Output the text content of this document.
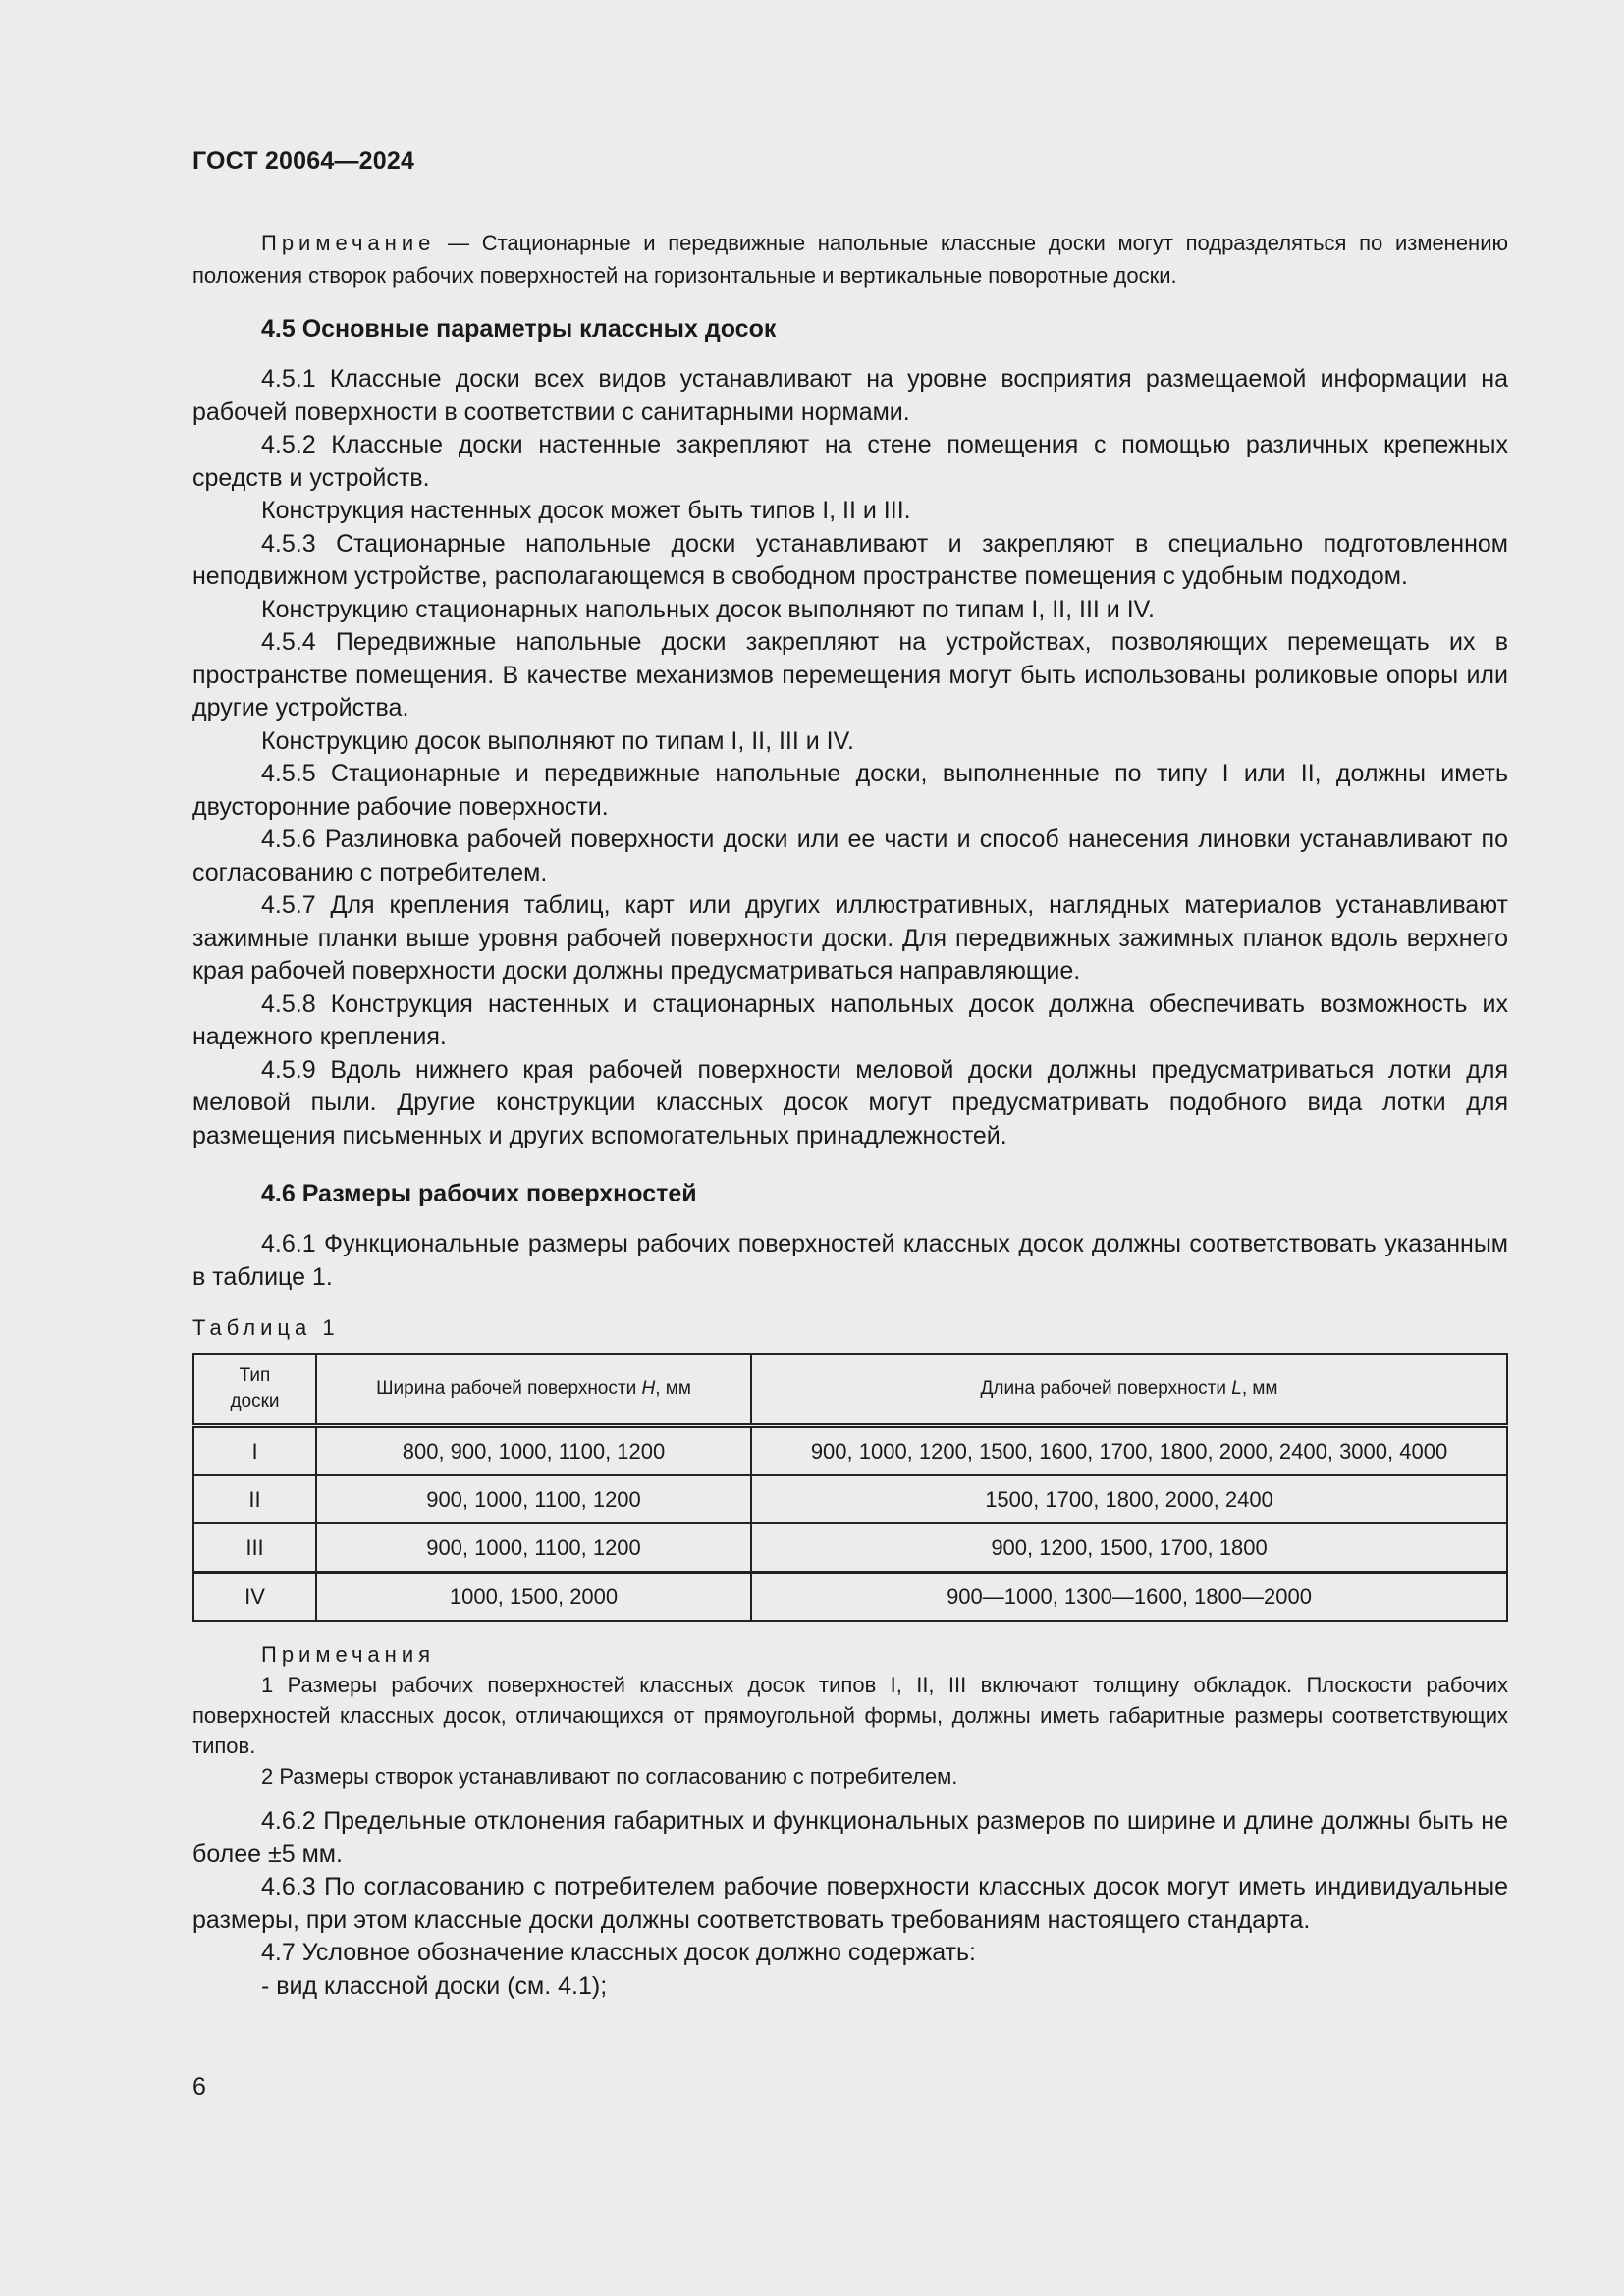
ГОСТ 20064—2024

Примечание — Стационарные и передвижные напольные классные доски могут подразделяться по изменению положения створок рабочих поверхностей на горизонтальные и вертикальные поворотные доски.

4.5 Основные параметры классных досок

4.5.1 Классные доски всех видов устанавливают на уровне восприятия размещаемой информации на рабочей поверхности в соответствии с санитарными нормами.

4.5.2 Классные доски настенные закрепляют на стене помещения с помощью различных крепежных средств и устройств.

Конструкция настенных досок может быть типов I, II и III.

4.5.3 Стационарные напольные доски устанавливают и закрепляют в специально подготовленном неподвижном устройстве, располагающемся в свободном пространстве помещения с удобным подходом.

Конструкцию стационарных напольных досок выполняют по типам I, II, III и IV.

4.5.4 Передвижные напольные доски закрепляют на устройствах, позволяющих перемещать их в пространстве помещения. В качестве механизмов перемещения могут быть использованы роликовые опоры или другие устройства.

Конструкцию досок выполняют по типам I, II, III и IV.

4.5.5 Стационарные и передвижные напольные доски, выполненные по типу I или II, должны иметь двусторонние рабочие поверхности.

4.5.6 Разлиновка рабочей поверхности доски или ее части и способ нанесения линовки устанавливают по согласованию с потребителем.

4.5.7 Для крепления таблиц, карт или других иллюстративных, наглядных материалов устанавливают зажимные планки выше уровня рабочей поверхности доски. Для передвижных зажимных планок вдоль верхнего края рабочей поверхности доски должны предусматриваться направляющие.

4.5.8 Конструкция настенных и стационарных напольных досок должна обеспечивать возможность их надежного крепления.

4.5.9 Вдоль нижнего края рабочей поверхности меловой доски должны предусматриваться лотки для меловой пыли. Другие конструкции классных досок могут предусматривать подобного вида лотки для размещения письменных и других вспомогательных принадлежностей.

4.6 Размеры рабочих поверхностей

4.6.1 Функциональные размеры рабочих поверхностей классных досок должны соответствовать указанным в таблице 1.

Таблица 1
Тип
доски	Ширина рабочей поверхности H, мм	Длина рабочей поверхности L, мм
I	800, 900, 1000, 1100, 1200	900, 1000, 1200, 1500, 1600, 1700, 1800, 2000, 2400, 3000, 4000
II	900, 1000, 1100, 1200	1500, 1700, 1800, 2000, 2400
III	900, 1000, 1100, 1200	900, 1200, 1500, 1700, 1800
IV	1000, 1500, 2000	900—1000, 1300—1600, 1800—2000

Примечания

1 Размеры рабочих поверхностей классных досок типов I, II, III включают толщину обкладок. Плоскости рабочих поверхностей классных досок, отличающихся от прямоугольной формы, должны иметь габаритные размеры соответствующих типов.

2 Размеры створок устанавливают по согласованию с потребителем.

4.6.2 Предельные отклонения габаритных и функциональных размеров по ширине и длине должны быть не более ±5 мм.

4.6.3 По согласованию с потребителем рабочие поверхности классных досок могут иметь индивидуальные размеры, при этом классные доски должны соответствовать требованиям настоящего стандарта.

4.7 Условное обозначение классных досок должно содержать:

- вид классной доски (см. 4.1);

6
